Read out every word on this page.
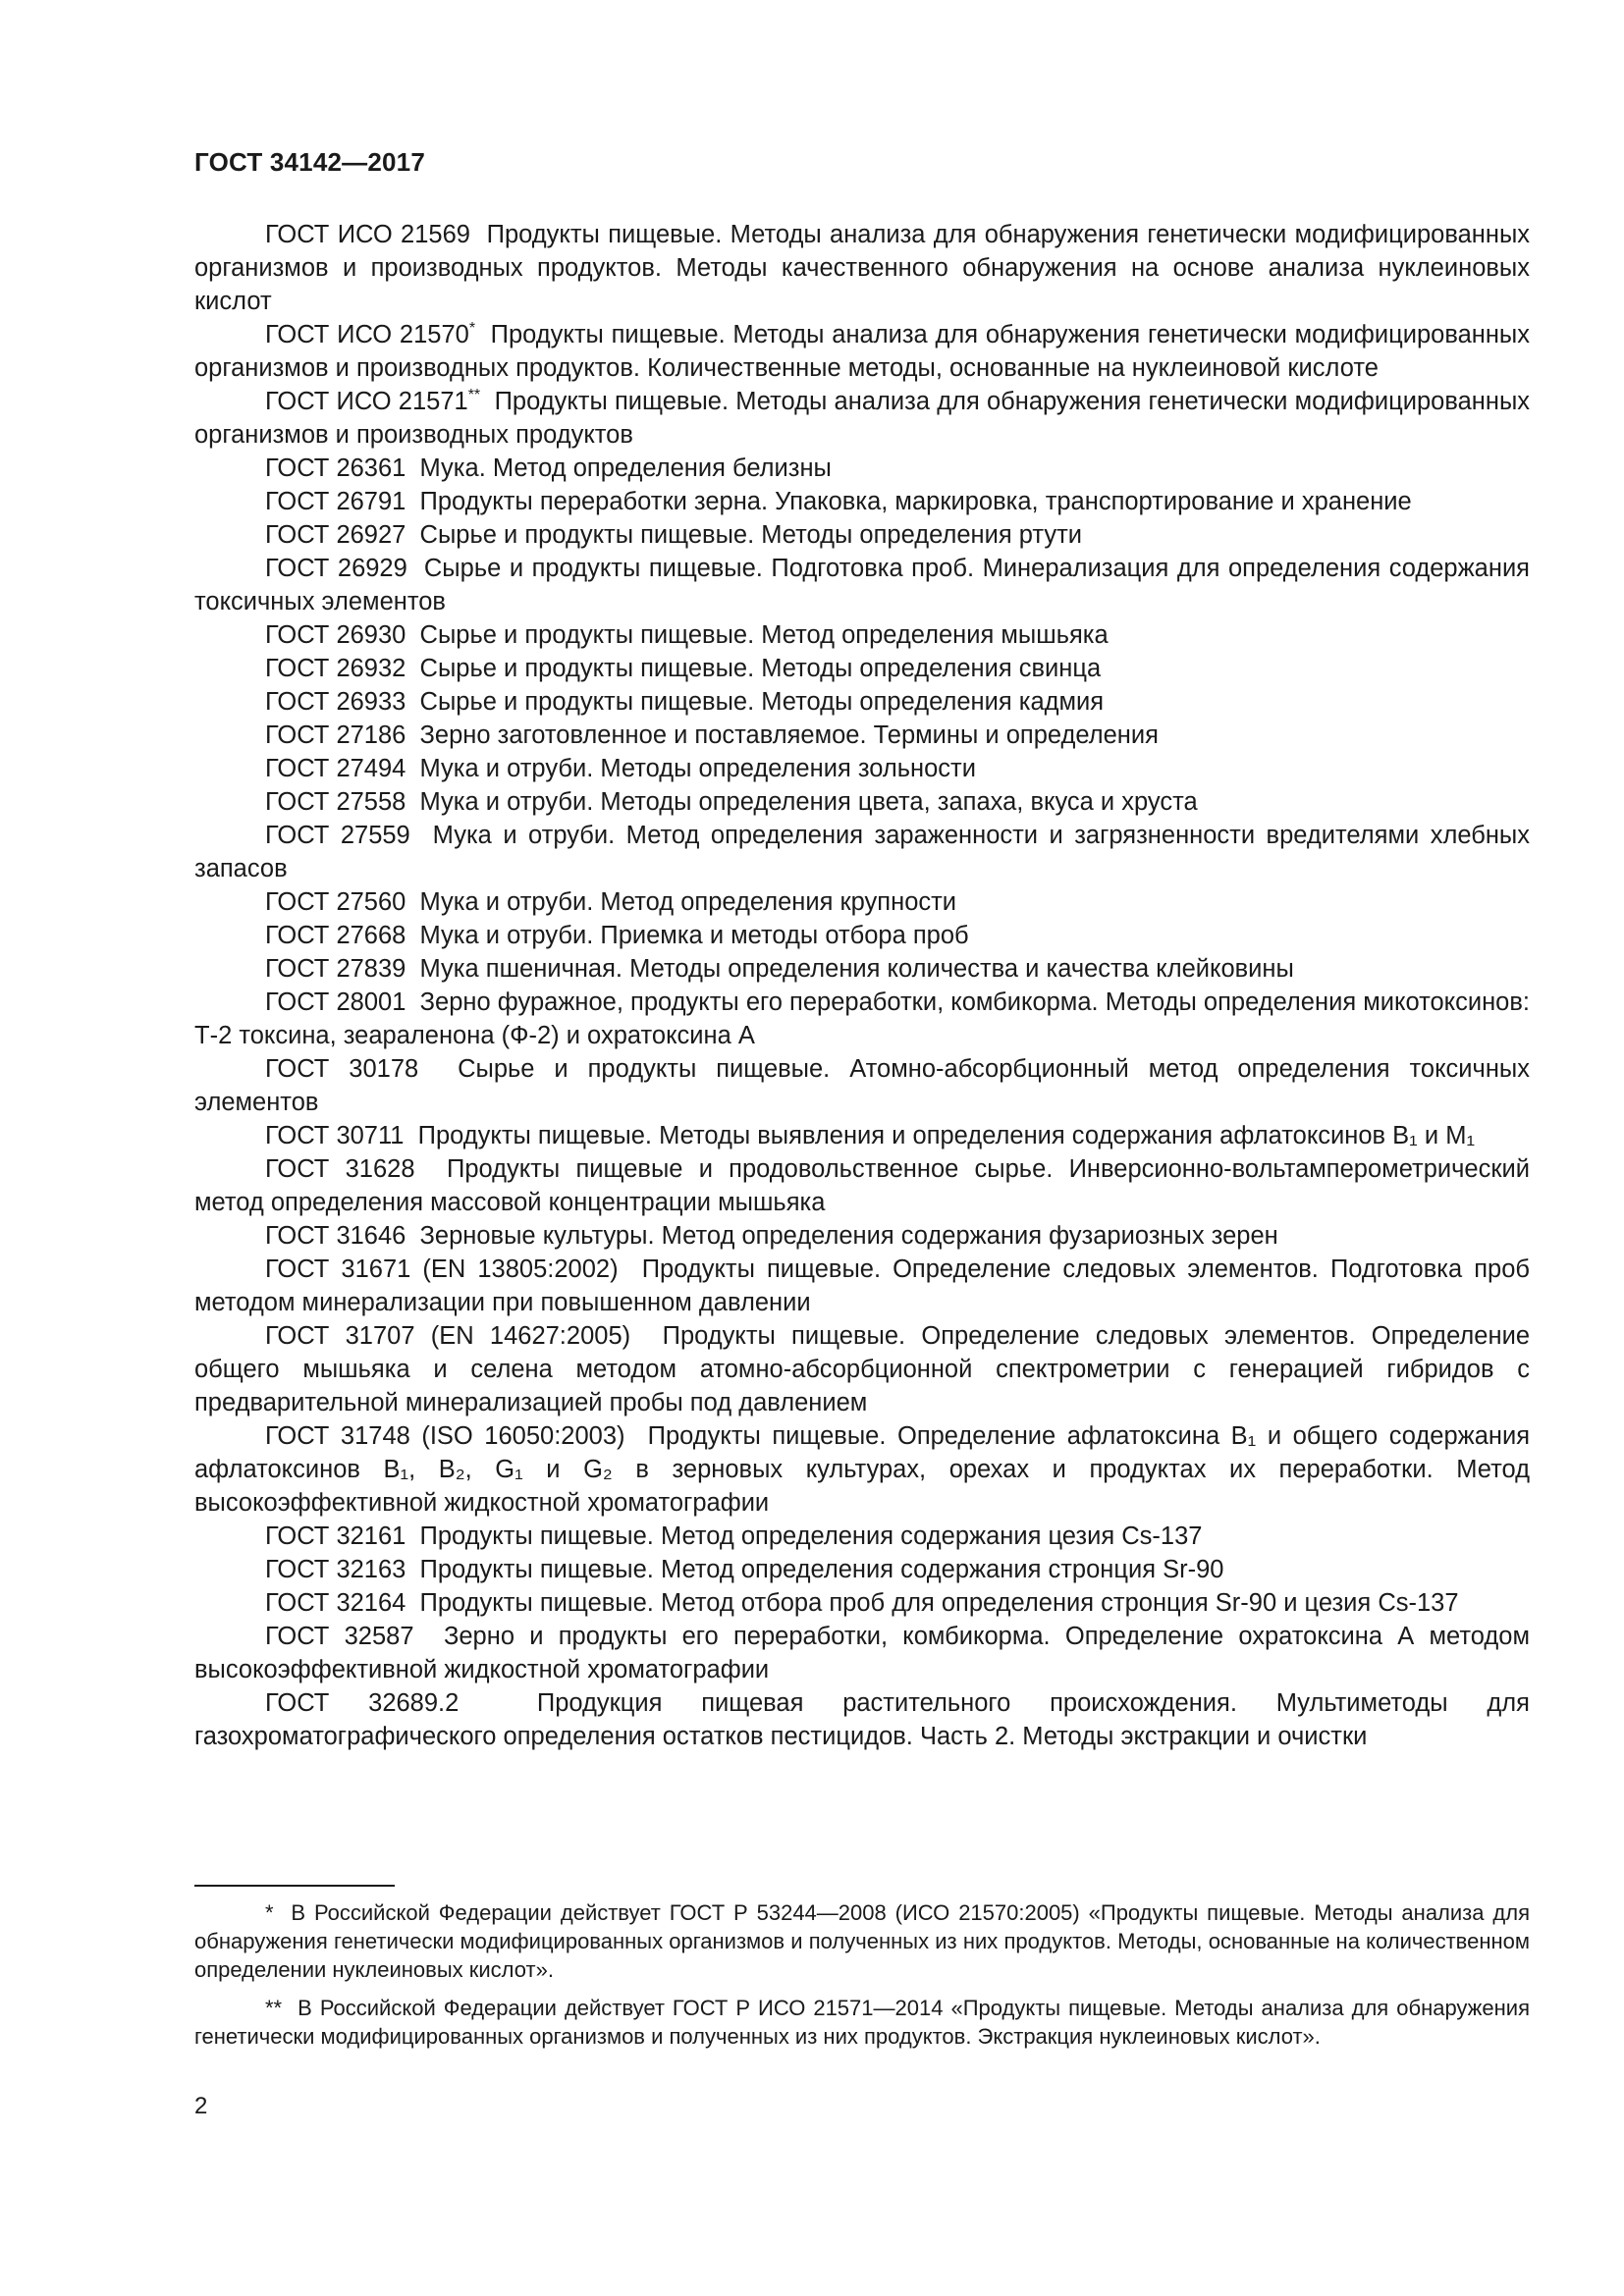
ГОСТ 34142—2017

ГОСТ ИСО 21569 Продукты пищевые. Методы анализа для обнаружения генетически модифицированных организмов и производных продуктов. Методы качественного обнаружения на основе анализа нуклеиновых кислот

ГОСТ ИСО 21570* Продукты пищевые. Методы анализа для обнаружения генетически модифицированных организмов и производных продуктов. Количественные методы, основанные на нуклеиновой кислоте

ГОСТ ИСО 21571** Продукты пищевые. Методы анализа для обнаружения генетически модифицированных организмов и производных продуктов

ГОСТ 26361 Мука. Метод определения белизны

ГОСТ 26791 Продукты переработки зерна. Упаковка, маркировка, транспортирование и хранение

ГОСТ 26927 Сырье и продукты пищевые. Методы определения ртути

ГОСТ 26929 Сырье и продукты пищевые. Подготовка проб. Минерализация для определения содержания токсичных элементов

ГОСТ 26930 Сырье и продукты пищевые. Метод определения мышьяка

ГОСТ 26932 Сырье и продукты пищевые. Методы определения свинца

ГОСТ 26933 Сырье и продукты пищевые. Методы определения кадмия

ГОСТ 27186 Зерно заготовленное и поставляемое. Термины и определения

ГОСТ 27494 Мука и отруби. Методы определения зольности

ГОСТ 27558 Мука и отруби. Методы определения цвета, запаха, вкуса и хруста

ГОСТ 27559 Мука и отруби. Метод определения зараженности и загрязненности вредителями хлебных запасов

ГОСТ 27560 Мука и отруби. Метод определения крупности

ГОСТ 27668 Мука и отруби. Приемка и методы отбора проб

ГОСТ 27839 Мука пшеничная. Методы определения количества и качества клейковины

ГОСТ 28001 Зерно фуражное, продукты его переработки, комбикорма. Методы определения микотоксинов: Т-2 токсина, зеараленона (Ф-2) и охратоксина А

ГОСТ 30178 Сырье и продукты пищевые. Атомно-абсорбционный метод определения токсичных элементов

ГОСТ 30711 Продукты пищевые. Методы выявления и определения содержания афлатоксинов B₁ и M₁

ГОСТ 31628 Продукты пищевые и продовольственное сырье. Инверсионно-вольтамперометрический метод определения массовой концентрации мышьяка

ГОСТ 31646 Зерновые культуры. Метод определения содержания фузариозных зерен

ГОСТ 31671 (EN 13805:2002) Продукты пищевые. Определение следовых элементов. Подготовка проб методом минерализации при повышенном давлении

ГОСТ 31707 (EN 14627:2005) Продукты пищевые. Определение следовых элементов. Определение общего мышьяка и селена методом атомно-абсорбционной спектрометрии с генерацией гибридов с предварительной минерализацией пробы под давлением

ГОСТ 31748 (ISO 16050:2003) Продукты пищевые. Определение афлатоксина B₁ и общего содержания афлатоксинов B₁, B₂, G₁ и G₂ в зерновых культурах, орехах и продуктах их переработки. Метод высокоэффективной жидкостной хроматографии

ГОСТ 32161 Продукты пищевые. Метод определения содержания цезия Cs-137

ГОСТ 32163 Продукты пищевые. Метод определения содержания стронция Sr-90

ГОСТ 32164 Продукты пищевые. Метод отбора проб для определения стронция Sr-90 и цезия Cs-137

ГОСТ 32587 Зерно и продукты его переработки, комбикорма. Определение охратоксина А методом высокоэффективной жидкостной хроматографии

ГОСТ 32689.2	Продукция пищевая растительного происхождения. Мультиметоды для газохроматографического определения остатков пестицидов. Часть 2. Методы экстракции и очистки

* В Российской Федерации действует ГОСТ Р 53244—2008 (ИСО 21570:2005) «Продукты пищевые. Методы анализа для обнаружения генетически модифицированных организмов и полученных из них продуктов. Методы, основанные на количественном определении нуклеиновых кислот».

** В Российской Федерации действует ГОСТ Р ИСО 21571—2014 «Продукты пищевые. Методы анализа для обнаружения генетически модифицированных организмов и полученных из них продуктов. Экстракция нуклеиновых кислот».

2
